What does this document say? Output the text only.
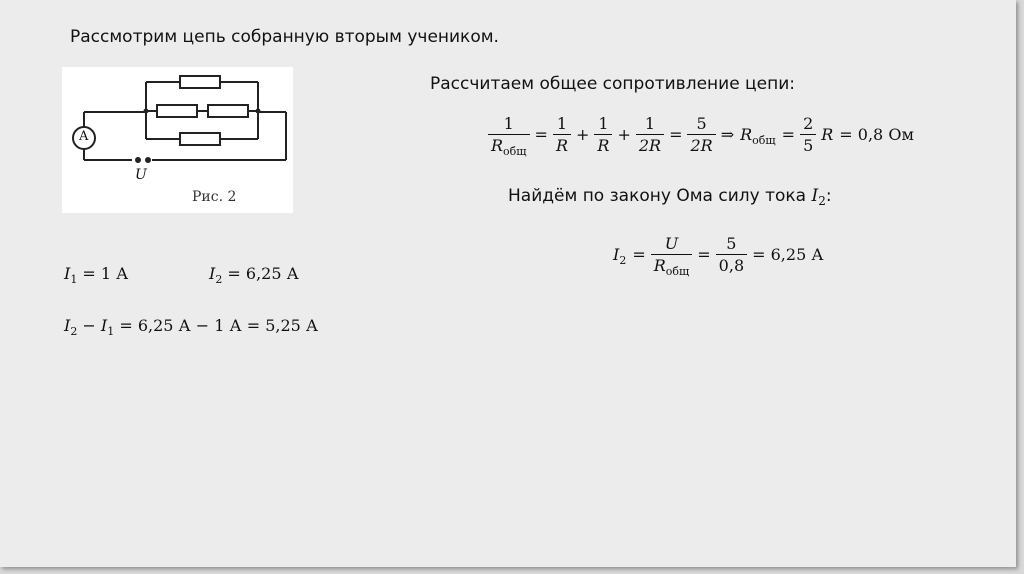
Рассмотрим цепь собранную вторым учеником.
A
U
Рис. 2
Рассчитаем общее сопротивление цепи:
$\frac{1}{R_{общ}} = \frac{1}{R} + \frac{1}{R} + \frac{1}{2R} = \frac{5}{2R}$ ⇒ $R_{общ} = \frac{2}{5}$ R = 0,8 Ом
Найдём по закону Ома силу тока $I_2$:
$I_2 = \frac{U}{R_{общ}} = \frac{5}{0,8} = 6,25$ А
$I_1 = 1$ А	$I_2 = 6,25$ А
$I_2 - I_1 = 6,25$ А − 1 А = 5,25 А
